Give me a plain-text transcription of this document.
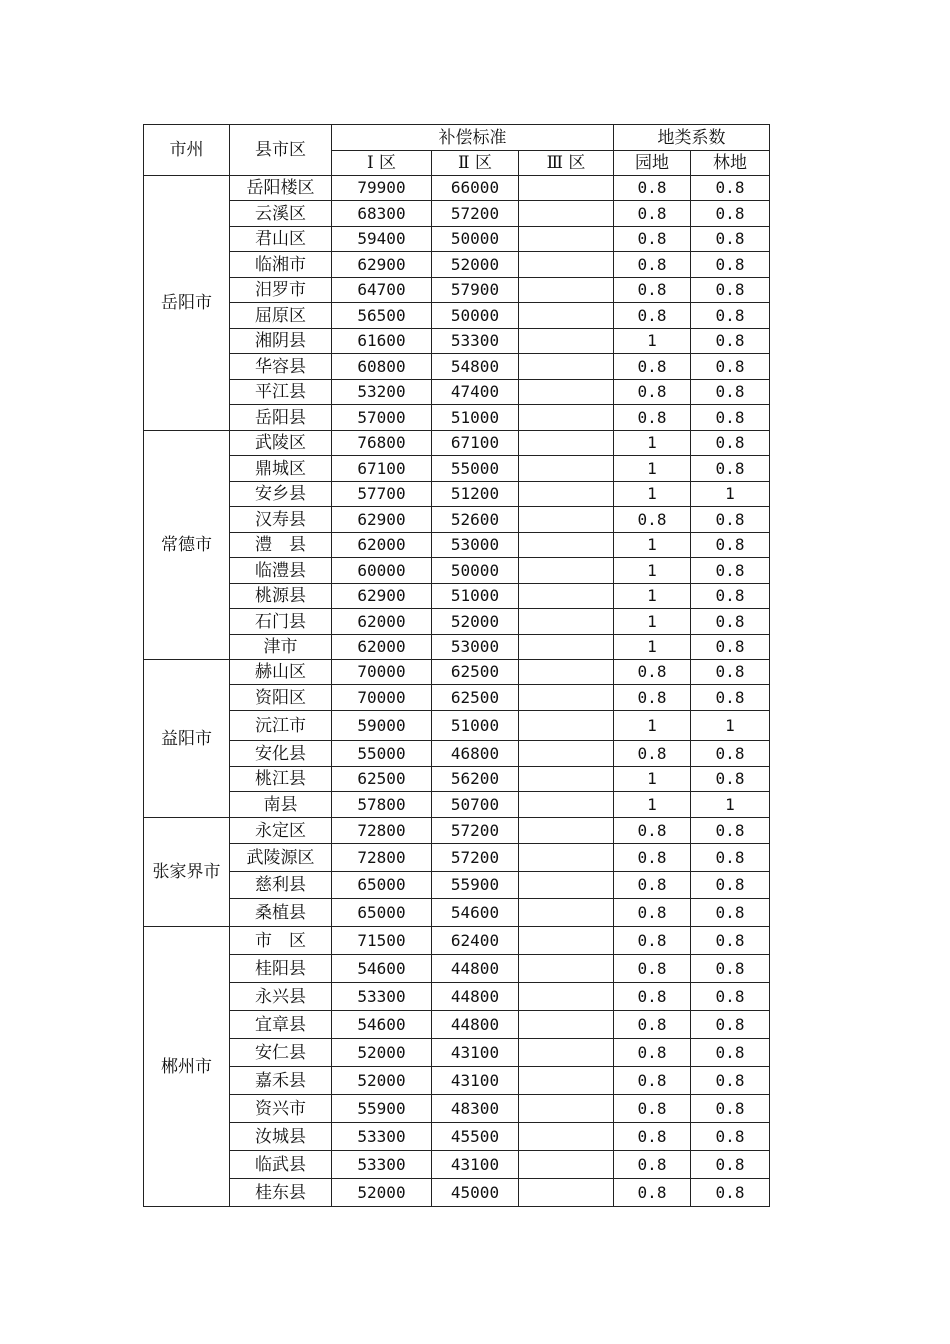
市州	县市区	补偿标准			地类系数	
		Ⅰ 区	Ⅱ 区	Ⅲ 区	园地	林地
岳阳市	岳阳楼区	79900	66000		0.8	0.8
	云溪区	68300	57200		0.8	0.8
	君山区	59400	50000		0.8	0.8
	临湘市	62900	52000		0.8	0.8
	汨罗市	64700	57900		0.8	0.8
	屈原区	56500	50000		0.8	0.8
	湘阴县	61600	53300		1	0.8
	华容县	60800	54800		0.8	0.8
	平江县	53200	47400		0.8	0.8
	岳阳县	57000	51000		0.8	0.8
常德市	武陵区	76800	67100		1	0.8
	鼎城区	67100	55000		1	0.8
	安乡县	57700	51200		1	1
	汉寿县	62900	52600		0.8	0.8
	澧　县	62000	53000		1	0.8
	临澧县	60000	50000		1	0.8
	桃源县	62900	51000		1	0.8
	石门县	62000	52000		1	0.8
	津市	62000	53000		1	0.8
益阳市	赫山区	70000	62500		0.8	0.8
	资阳区	70000	62500		0.8	0.8
	沅江市	59000	51000		1	1
	安化县	55000	46800		0.8	0.8
	桃江县	62500	56200		1	0.8
	南县	57800	50700		1	1
张家界市	永定区	72800	57200		0.8	0.8
	武陵源区	72800	57200		0.8	0.8
	慈利县	65000	55900		0.8	0.8
	桑植县	65000	54600		0.8	0.8
郴州市	市　区	71500	62400		0.8	0.8
	桂阳县	54600	44800		0.8	0.8
	永兴县	53300	44800		0.8	0.8
	宜章县	54600	44800		0.8	0.8
	安仁县	52000	43100		0.8	0.8
	嘉禾县	52000	43100		0.8	0.8
	资兴市	55900	48300		0.8	0.8
	汝城县	53300	45500		0.8	0.8
	临武县	53300	43100		0.8	0.8
	桂东县	52000	45000		0.8	0.8
